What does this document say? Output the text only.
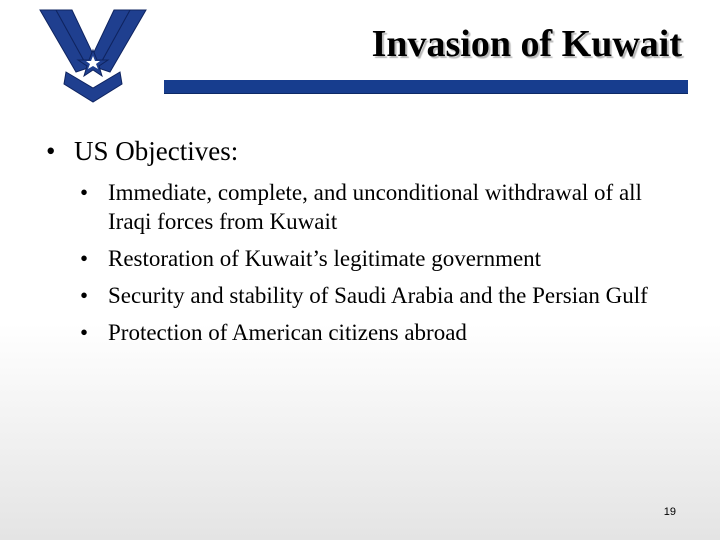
Invasion of Kuwait
• US Objectives:
• Immediate, complete, and unconditional withdrawal of all Iraqi forces from Kuwait
• Restoration of Kuwait’s legitimate government
• Security and stability of Saudi Arabia and the Persian Gulf
• Protection of American citizens abroad
19
